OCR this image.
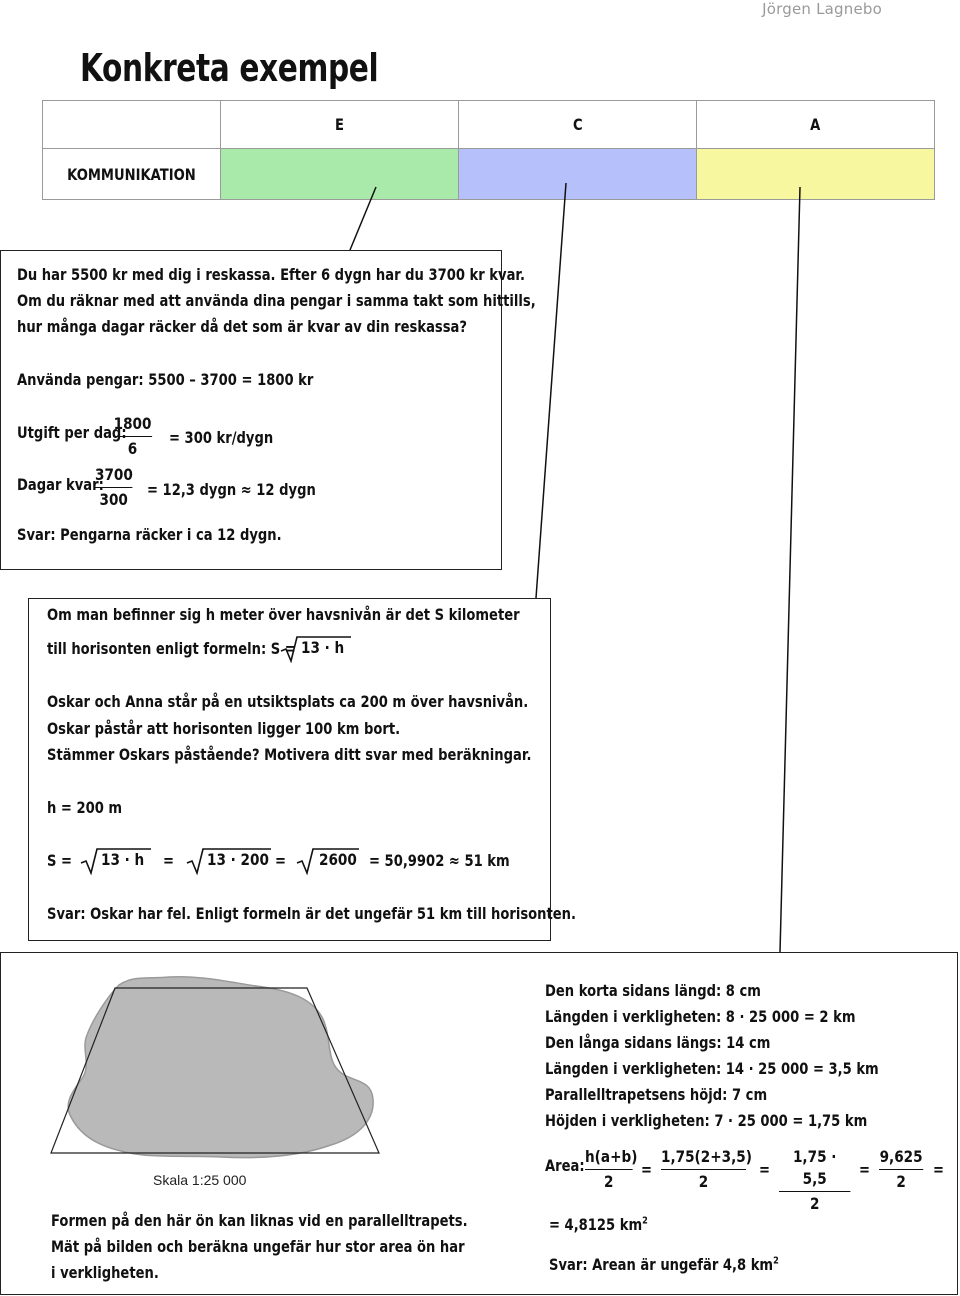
Jörgen Lagnebo
Konkreta exempel
	E	C	A
KOMMUNIKATION			
Du har 5500 kr med dig i reskassa. Efter 6 dygn har du 3700 kr kvar.
Om du räknar med att använda dina pengar i samma takt som hittills,
hur många dagar räcker då det som är kvar av din reskassa?
Använda pengar: 5500 – 3700 = 1800 kr
Utgift per dag:
1800
6
= 300 kr/dygn
Dagar kvar:
3700
300
= 12,3 dygn ≈ 12 dygn
Svar: Pengarna räcker i ca 12 dygn.
Om man befinner sig h meter över havsnivån är det S kilometer
till horisonten enligt formeln: S = 13 · h
Oskar och Anna står på en utsiktsplats ca 200 m över havsnivån.
Oskar påstår att horisonten ligger 100 km bort.
Stämmer Oskars påstående? Motivera ditt svar med beräkningar.
h = 200 m
S = 13 · h = 13 · 200 = 2600 = 50,9902 ≈ 51 km
Svar: Oskar har fel. Enligt formeln är det ungefär 51 km till horisonten.
Skala 1:25 000
Formen på den här ön kan liknas vid en parallelltrapets.
Mät på bilden och beräkna ungefär hur stor area ön har
i verkligheten.
Den korta sidans längd: 8 cm
Längden i verkligheten: 8 · 25 000 = 2 km
Den långa sidans längs: 14 cm
Längden i verkligheten: 14 · 25 000 = 3,5 km
Parallelltrapetsens höjd: 7 cm
Höjden i verkligheten: 7 · 25 000 = 1,75 km
Area: h(a+b)
2
=
1,75(2+3,5)
2
=
1,75 · 5,5
2
=
9,625
2
=
= 4,8125 $km^2$
Svar: Arean är ungefär 4,8 $km^2$
